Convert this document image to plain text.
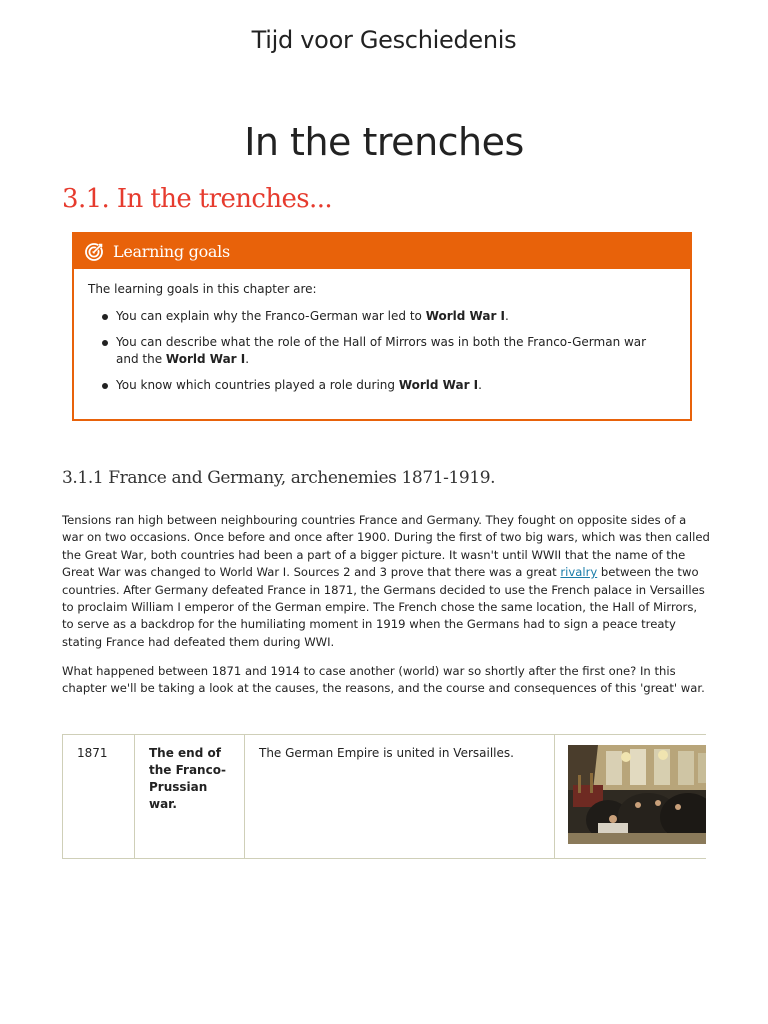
Tijd voor Geschiedenis
In the trenches
3.1. In the trenches...
Learning goals

The learning goals in this chapter are:

You can explain why the Franco-German war led to World War I.
You can describe what the role of the Hall of Mirrors was in both the Franco-German war and the World War I.
You know which countries played a role during World War I.
3.1.1 France and Germany, archenemies 1871-1919.

Tensions ran high between neighbouring countries France and Germany. They fought on opposite sides of a war on two occasions. Once before and once after 1900. During the first of two big wars, which was then called the Great War, both countries had been a part of a bigger picture. It wasn't until WWII that the name of the Great War was changed to World War I. Sources 2 and 3 prove that there was a great rivalry between the two countries. After Germany defeated France in 1871, the Germans decided to use the French palace in Versailles to proclaim William I emperor of the German empire. The French chose the same location, the Hall of Mirrors, to serve as a backdrop for the humiliating moment in 1919 when the Germans had to sign a peace treaty stating France had defeated them during WWI.

What happened between 1871 and 1914 to case another (world) war so shortly after the first one? In this chapter we'll be taking a look at the causes, the reasons, and the course and consequences of this 'great' war.

1871	The end of the Franco-Prussian war.
The German Empire is united in Versailles.
